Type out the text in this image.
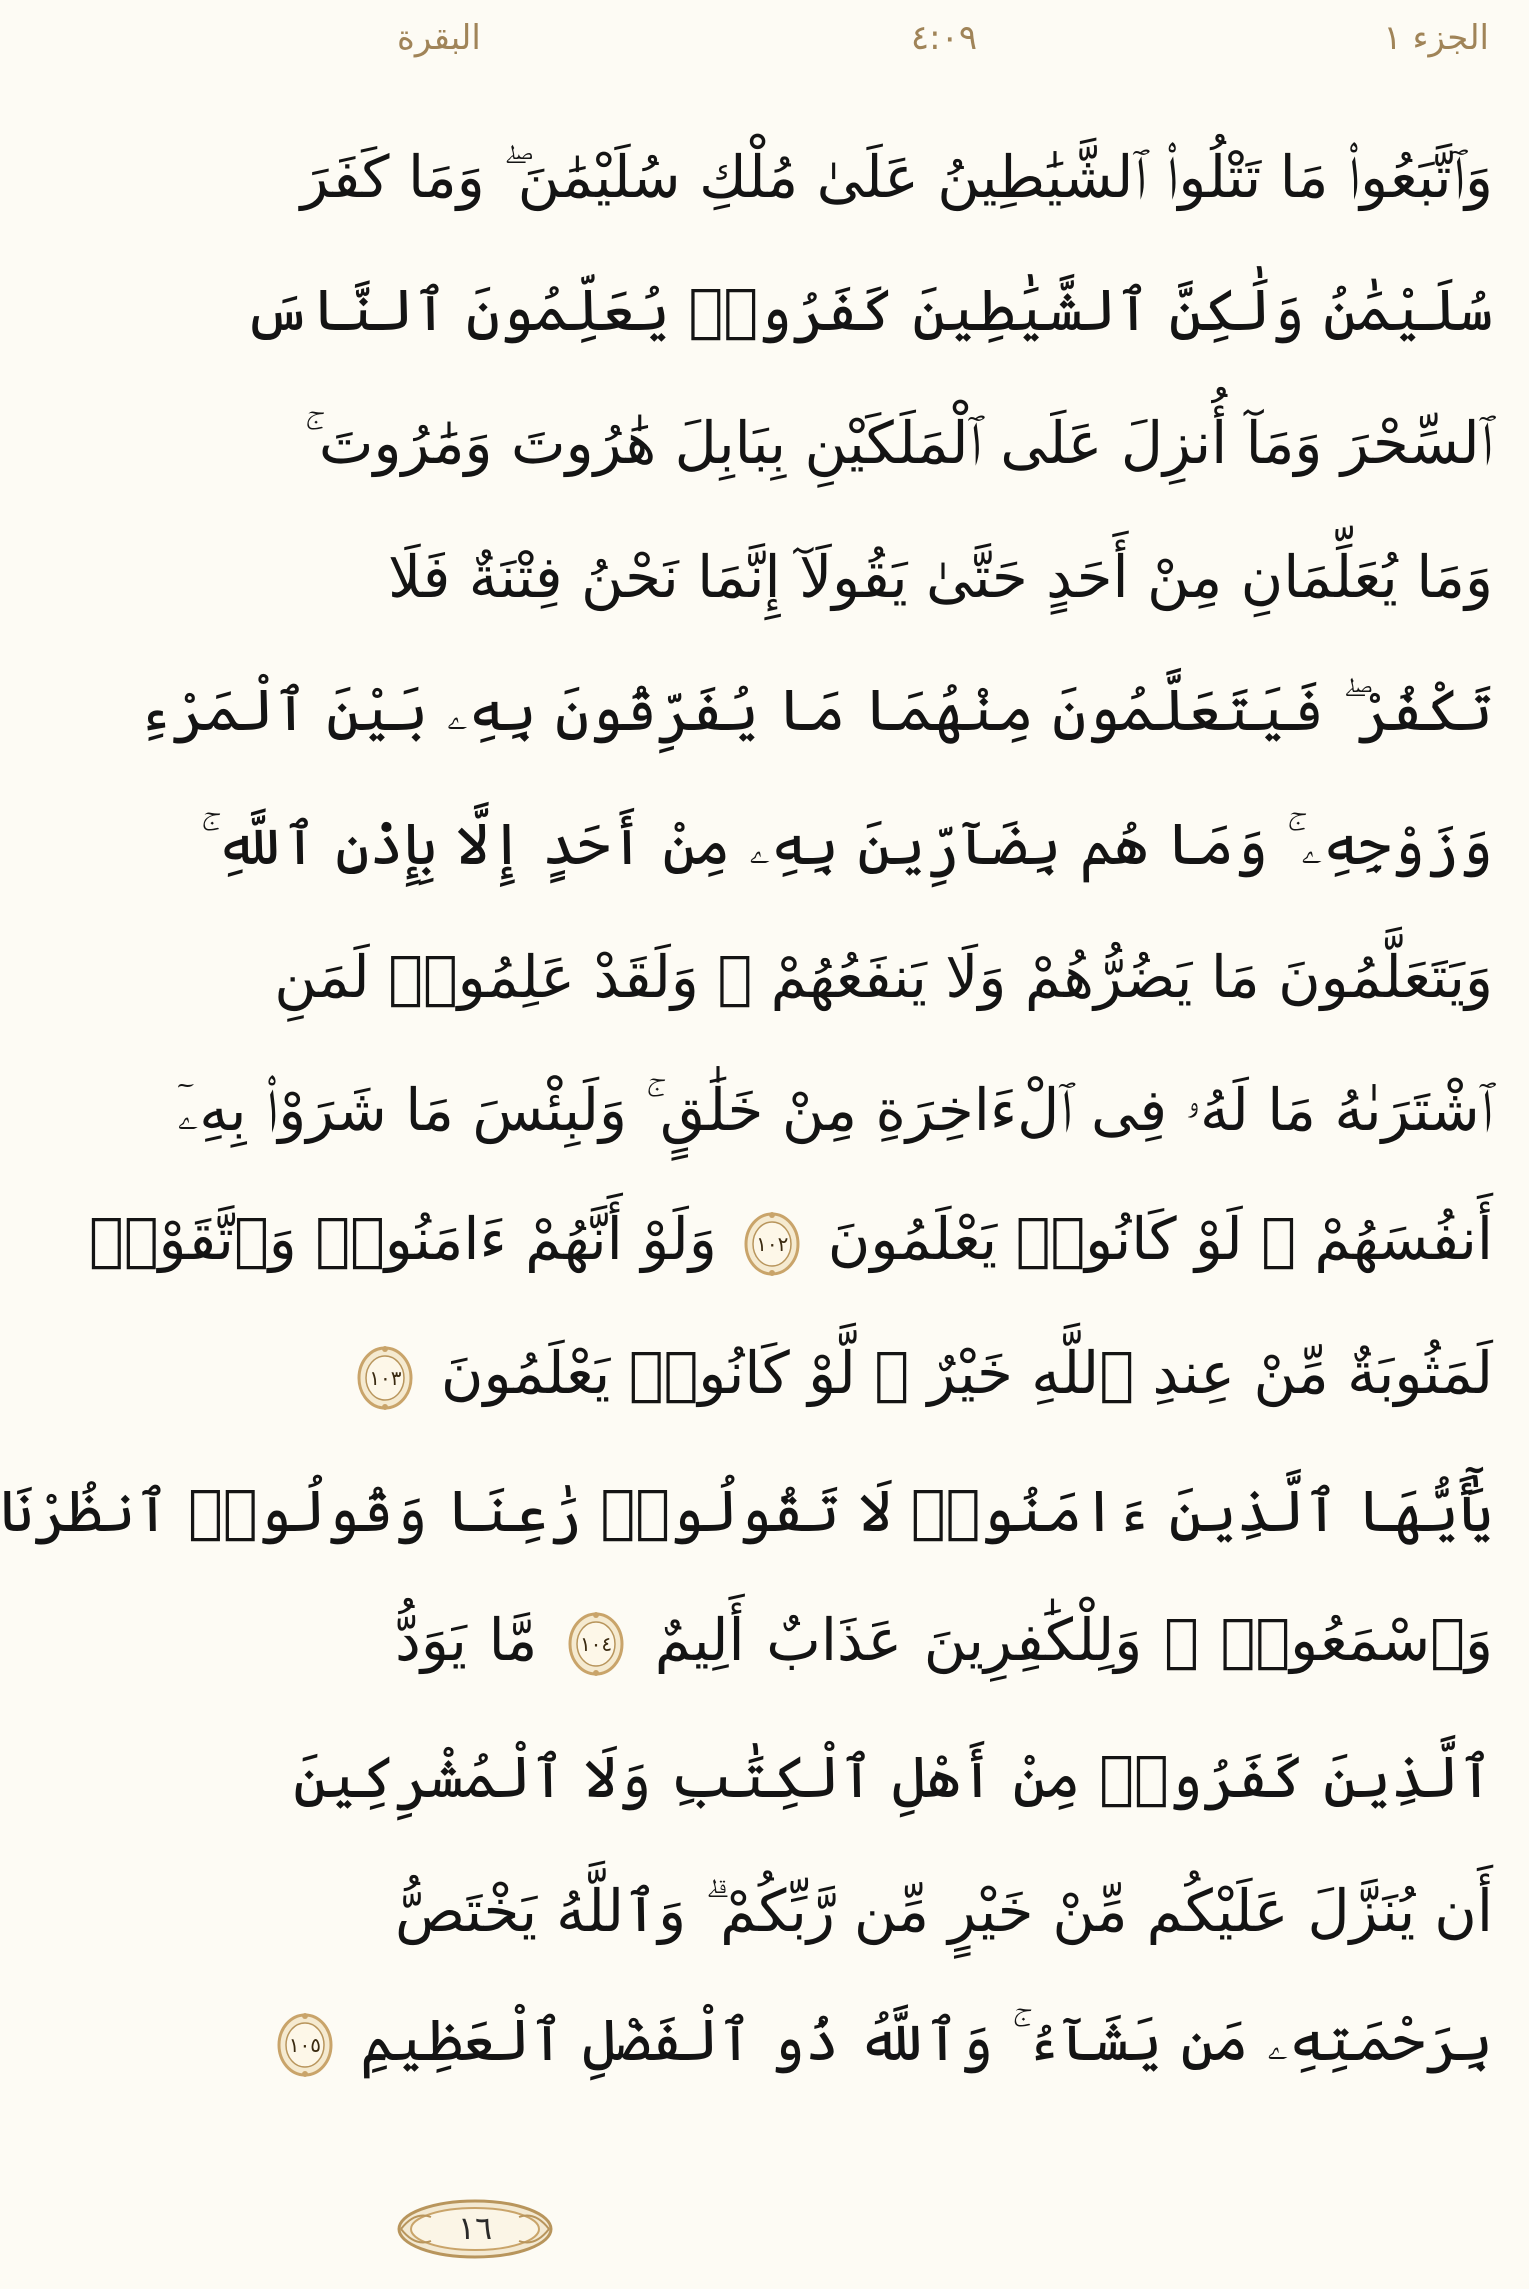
الجزء ١
٤:٠٩
البقرة
وَٱتَّبَعُوا۟ مَا تَتْلُوا۟ ٱلشَّيَٰطِينُ عَلَىٰ مُلْكِ سُلَيْمَٰنَ ۖ وَمَا كَفَرَ
سُلَيْمَٰنُ وَلَٰكِنَّ ٱلشَّيَٰطِينَ كَفَرُوا۟ يُعَلِّمُونَ ٱلنَّاسَ
ٱلسِّحْرَ وَمَآ أُنزِلَ عَلَى ٱلْمَلَكَيْنِ بِبَابِلَ هَٰرُوتَ وَمَٰرُوتَ ۚ
وَمَا يُعَلِّمَانِ مِنْ أَحَدٍ حَتَّىٰ يَقُولَآ إِنَّمَا نَحْنُ فِتْنَةٌ فَلَا
تَكْفُرْ ۖ فَيَتَعَلَّمُونَ مِنْهُمَا مَا يُفَرِّقُونَ بِهِۦ بَيْنَ ٱلْمَرْءِ
وَزَوْجِهِۦ ۚ وَمَا هُم بِضَآرِّينَ بِهِۦ مِنْ أَحَدٍ إِلَّا بِإِذْنِ ٱللَّهِ ۚ
وَيَتَعَلَّمُونَ مَا يَضُرُّهُمْ وَلَا يَنفَعُهُمْ ۚ وَلَقَدْ عَلِمُوا۟ لَمَنِ
ٱشْتَرَىٰهُ مَا لَهُۥ فِى ٱلْءَاخِرَةِ مِنْ خَلَٰقٍ ۚ وَلَبِئْسَ مَا شَرَوْا۟ بِهِۦٓ
أَنفُسَهُمْ ۚ لَوْ كَانُوا۟ يَعْلَمُونَ
١٠٢
وَلَوْ أَنَّهُمْ ءَامَنُوا۟ وَٱتَّقَوْا۟
لَمَثُوبَةٌ مِّنْ عِندِ ٱللَّهِ خَيْرٌ ۖ لَّوْ كَانُوا۟ يَعْلَمُونَ
١٠٣
يَٰٓأَيُّهَا ٱلَّذِينَ ءَامَنُوا۟ لَا تَقُولُوا۟ رَٰعِنَا وَقُولُوا۟ ٱنظُرْنَا
وَٱسْمَعُوا۟ ۗ وَلِلْكَٰفِرِينَ عَذَابٌ أَلِيمٌ
١٠٤
مَّا يَوَدُّ
ٱلَّذِينَ كَفَرُوا۟ مِنْ أَهْلِ ٱلْكِتَٰبِ وَلَا ٱلْمُشْرِكِينَ
أَن يُنَزَّلَ عَلَيْكُم مِّنْ خَيْرٍ مِّن رَّبِّكُمْ ۗ وَٱللَّهُ يَخْتَصُّ
بِرَحْمَتِهِۦ مَن يَشَآءُ ۚ وَٱللَّهُ ذُو ٱلْفَضْلِ ٱلْعَظِيمِ
١٠٥
١٦
